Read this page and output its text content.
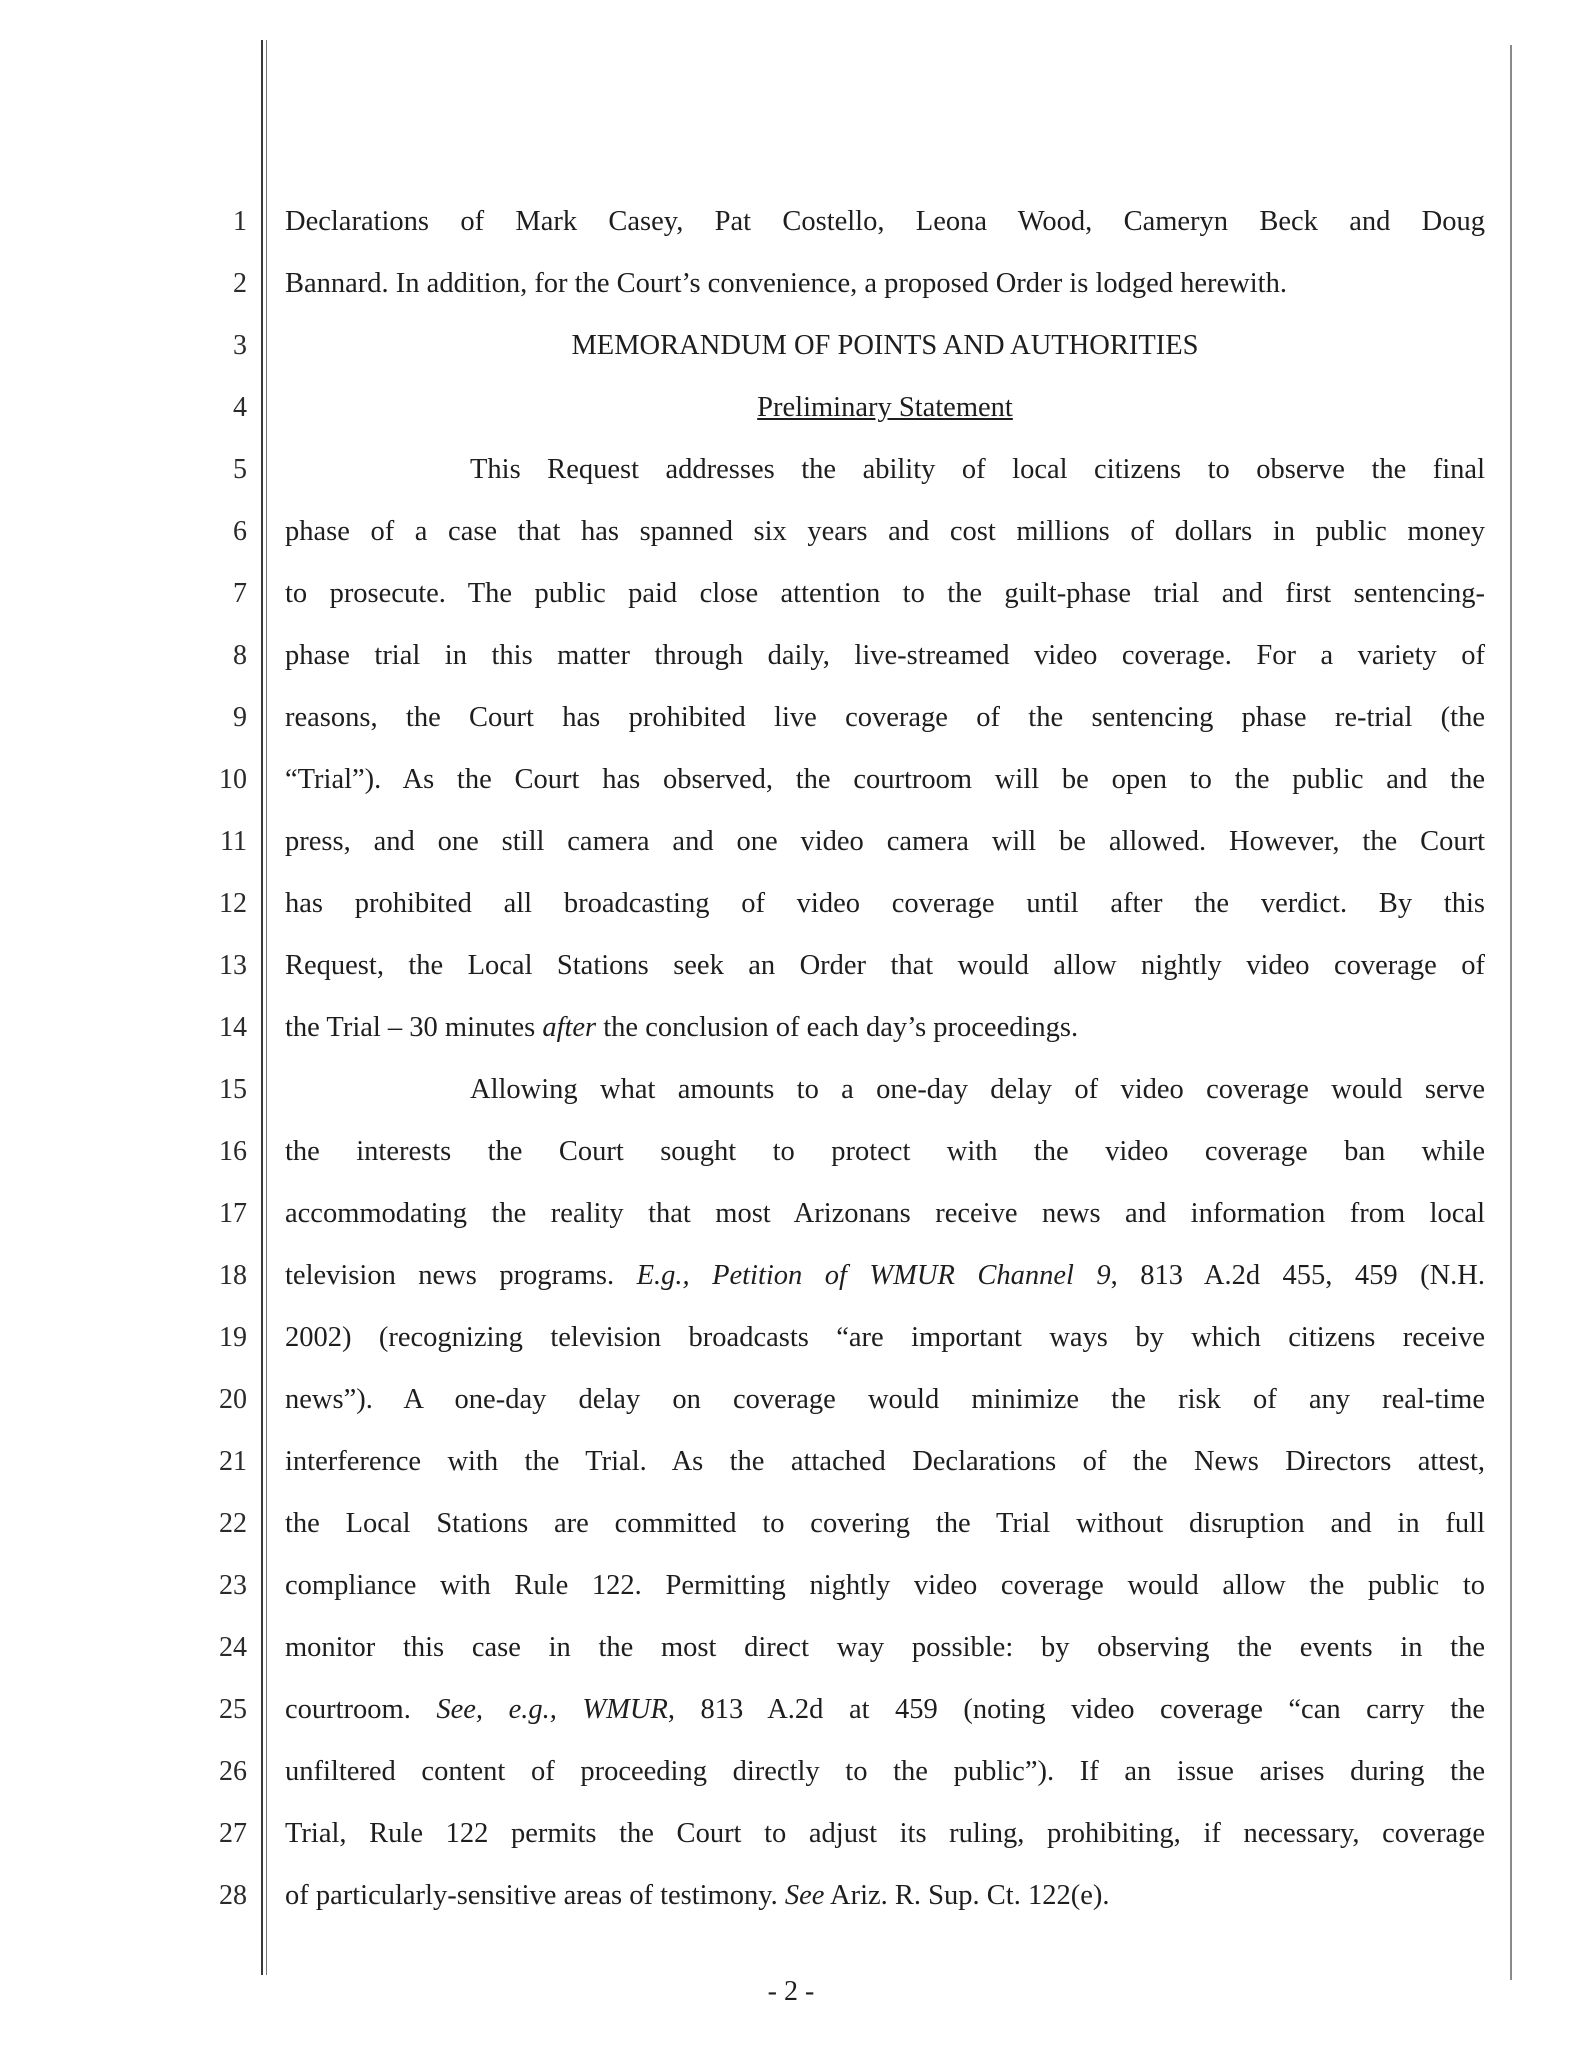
1
2
3
4
5
6
7
8
9
10
11
12
13
14
15
16
17
18
19
20
21
22
23
24
25
26
27
28
Declarations of Mark Casey, Pat Costello, Leona Wood, Cameryn Beck and Doug
Bannard. In addition, for the Court’s convenience, a proposed Order is lodged herewith.
MEMORANDUM OF POINTS AND AUTHORITIES
Preliminary Statement
This Request addresses the ability of local citizens to observe the final
phase of a case that has spanned six years and cost millions of dollars in public money
to prosecute. The public paid close attention to the guilt-phase trial and first sentencing-
phase trial in this matter through daily, live-streamed video coverage. For a variety of
reasons, the Court has prohibited live coverage of the sentencing phase re-trial (the
“Trial”). As the Court has observed, the courtroom will be open to the public and the
press, and one still camera and one video camera will be allowed. However, the Court
has prohibited all broadcasting of video coverage until after the verdict. By this
Request, the Local Stations seek an Order that would allow nightly video coverage of
the Trial – 30 minutes after the conclusion of each day’s proceedings.
Allowing what amounts to a one-day delay of video coverage would serve
the interests the Court sought to protect with the video coverage ban while
accommodating the reality that most Arizonans receive news and information from local
television news programs. E.g., Petition of WMUR Channel 9, 813 A.2d 455, 459 (N.H.
2002) (recognizing television broadcasts “are important ways by which citizens receive
news”). A one-day delay on coverage would minimize the risk of any real-time
interference with the Trial. As the attached Declarations of the News Directors attest,
the Local Stations are committed to covering the Trial without disruption and in full
compliance with Rule 122. Permitting nightly video coverage would allow the public to
monitor this case in the most direct way possible: by observing the events in the
courtroom. See, e.g., WMUR, 813 A.2d at 459 (noting video coverage “can carry the
unfiltered content of proceeding directly to the public”). If an issue arises during the
Trial, Rule 122 permits the Court to adjust its ruling, prohibiting, if necessary, coverage
of particularly-sensitive areas of testimony. See Ariz. R. Sup. Ct. 122(e).
- 2 -
